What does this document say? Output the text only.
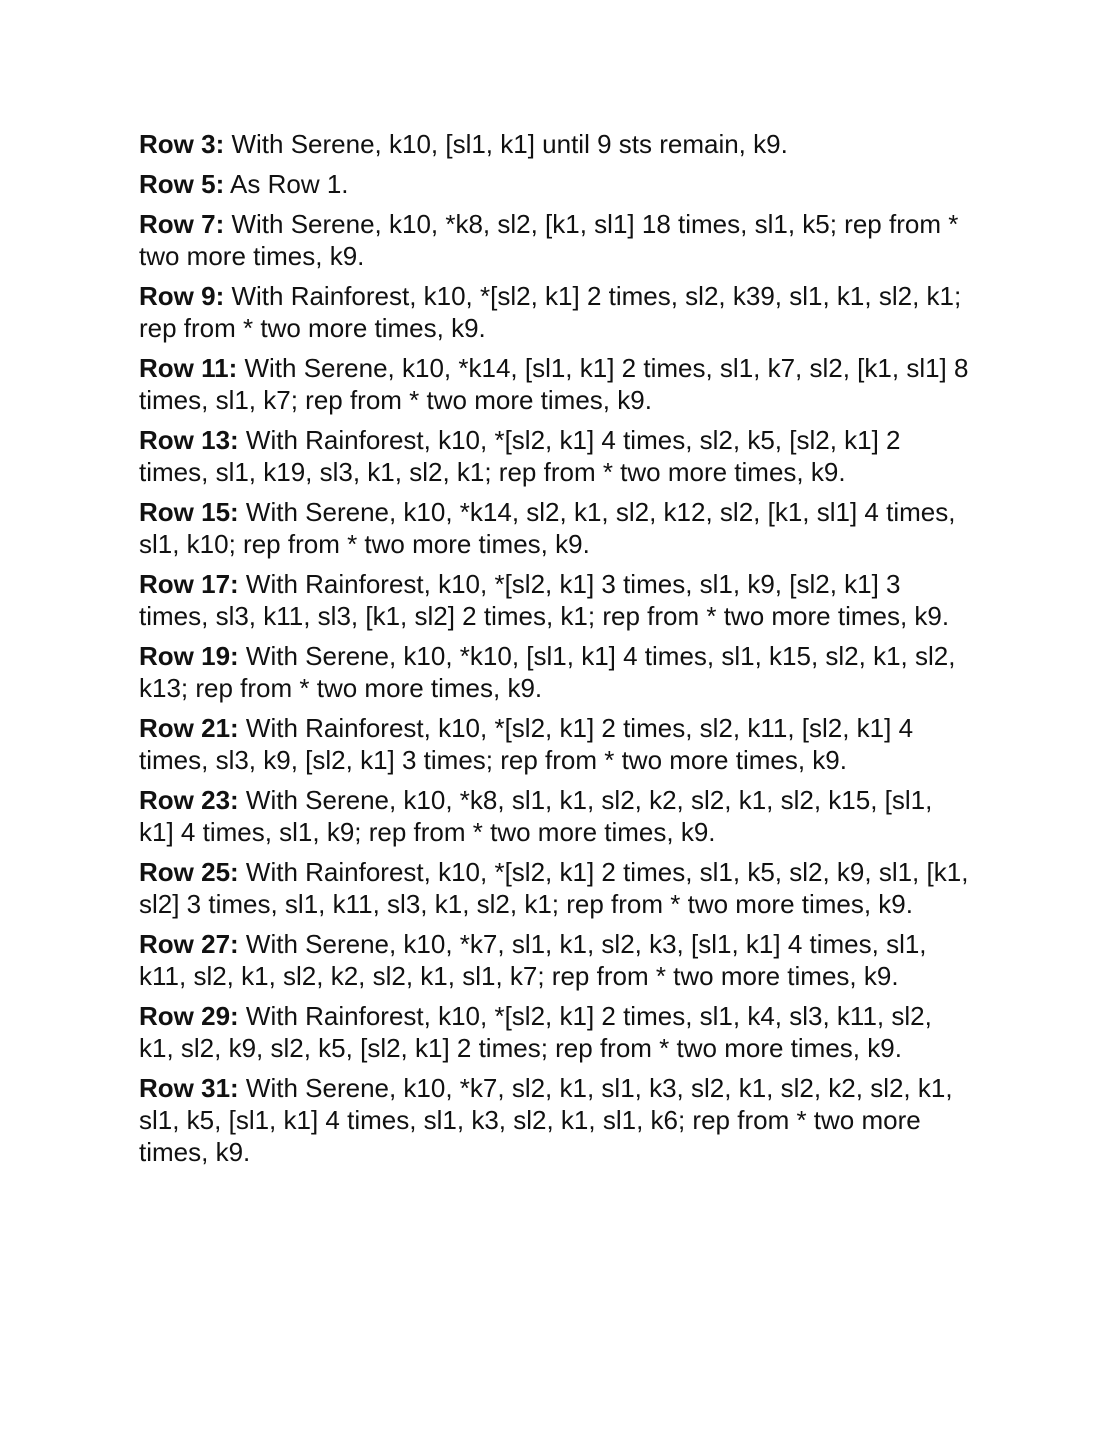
Row 3: With Serene, k10, [sl1, k1] until 9 sts remain, k9.

Row 5: As Row 1.

Row 7: With Serene, k10, *k8, sl2, [k1, sl1] 18 times, sl1, k5; rep from * two more times, k9.

Row 9: With Rainforest, k10, *[sl2, k1] 2 times, sl2, k39, sl1, k1, sl2, k1; rep from * two more times, k9.

Row 11: With Serene, k10, *k14, [sl1, k1] 2 times, sl1, k7, sl2, [k1, sl1] 8 times, sl1, k7; rep from * two more times, k9.

Row 13: With Rainforest, k10, *[sl2, k1] 4 times, sl2, k5, [sl2, k1] 2 times, sl1, k19, sl3, k1, sl2, k1; rep from * two more times, k9.

Row 15: With Serene, k10, *k14, sl2, k1, sl2, k12, sl2, [k1, sl1] 4 times, sl1, k10; rep from * two more times, k9.

Row 17: With Rainforest, k10, *[sl2, k1] 3 times, sl1, k9, [sl2, k1] 3 times, sl3, k11, sl3, [k1, sl2] 2 times, k1; rep from * two more times, k9.

Row 19: With Serene, k10, *k10, [sl1, k1] 4 times, sl1, k15, sl2, k1, sl2, k13; rep from * two more times, k9.

Row 21: With Rainforest, k10, *[sl2, k1] 2 times, sl2, k11, [sl2, k1] 4 times, sl3, k9, [sl2, k1] 3 times; rep from * two more times, k9.

Row 23: With Serene, k10, *k8, sl1, k1, sl2, k2, sl2, k1, sl2, k15, [sl1, k1] 4 times, sl1, k9; rep from * two more times, k9.

Row 25: With Rainforest, k10, *[sl2, k1] 2 times, sl1, k5, sl2, k9, sl1, [k1, sl2] 3 times, sl1, k11, sl3, k1, sl2, k1; rep from * two more times, k9.

Row 27: With Serene, k10, *k7, sl1, k1, sl2, k3, [sl1, k1] 4 times, sl1, k11, sl2, k1, sl2, k2, sl2, k1, sl1, k7; rep from * two more times, k9.

Row 29: With Rainforest, k10, *[sl2, k1] 2 times, sl1, k4, sl3, k11, sl2, k1, sl2, k9, sl2, k5, [sl2, k1] 2 times; rep from * two more times, k9.

Row 31: With Serene, k10, *k7, sl2, k1, sl1, k3, sl2, k1, sl2, k2, sl2, k1, sl1, k5, [sl1, k1] 4 times, sl1, k3, sl2, k1, sl1, k6; rep from * two more times, k9.
